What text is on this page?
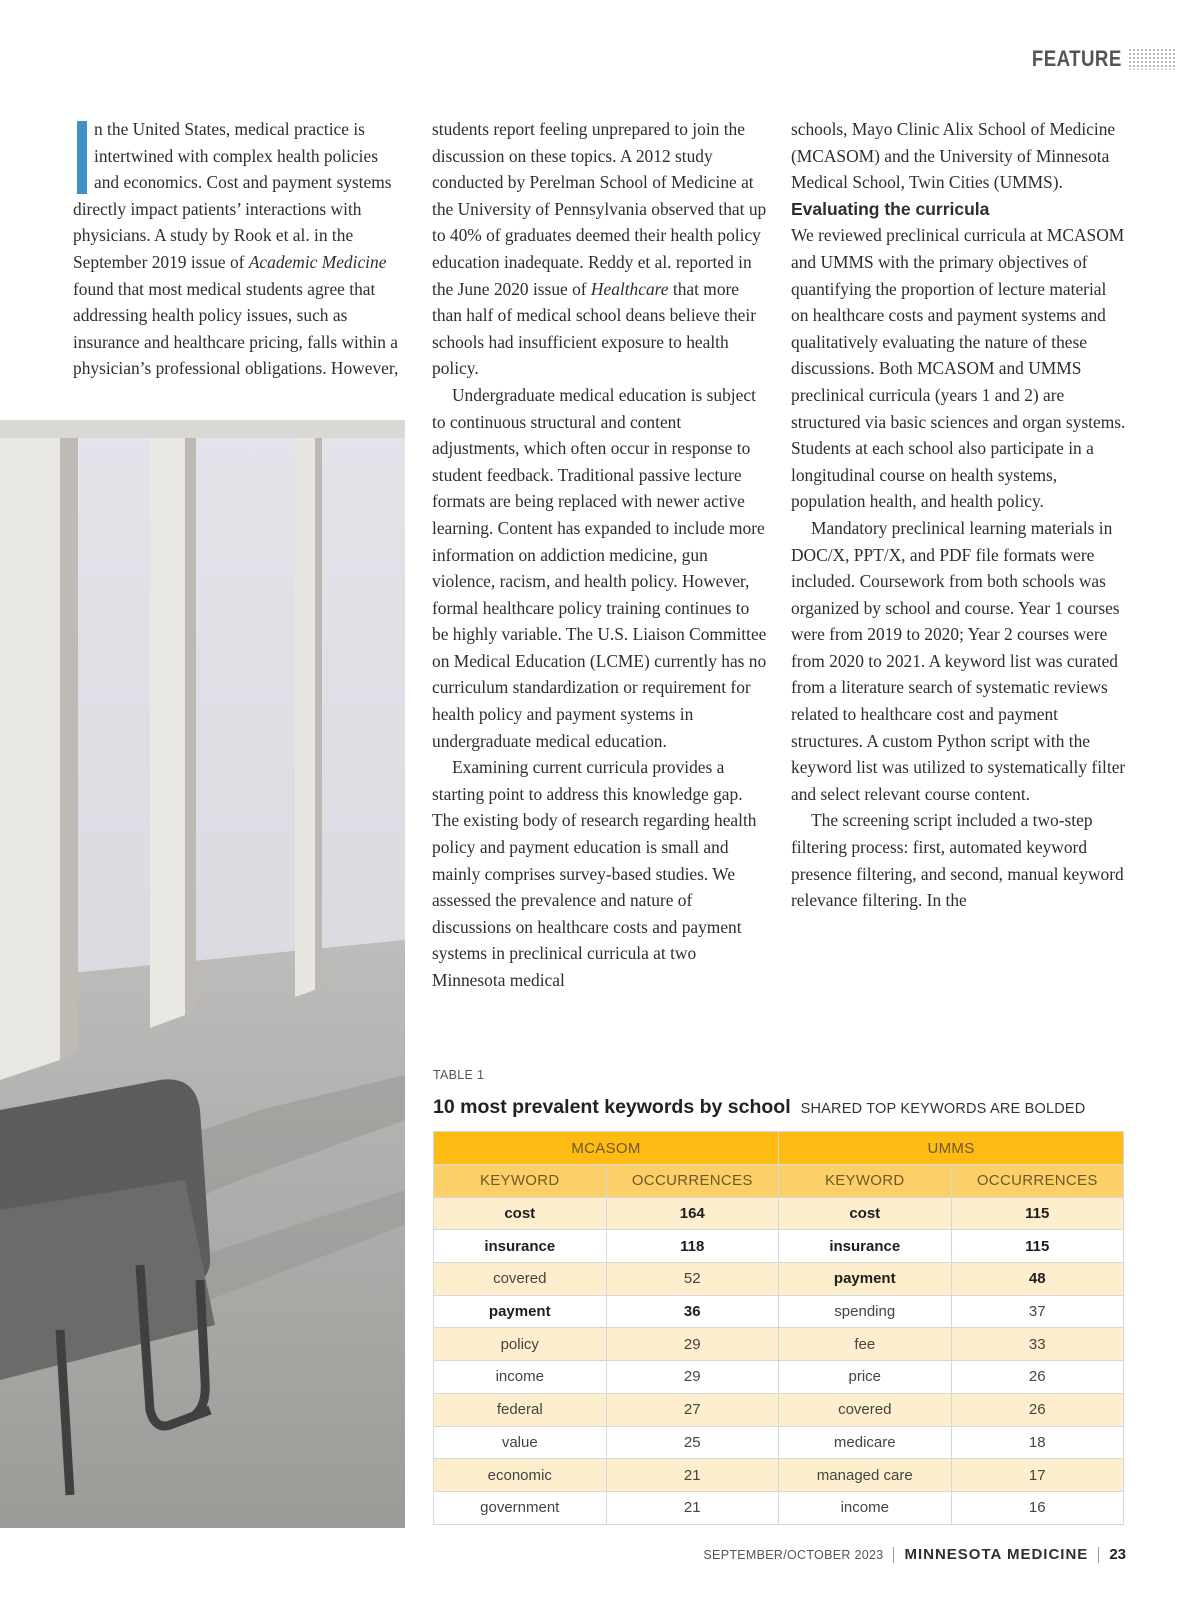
FEATURE

n the United States, medical practice is intertwined with complex health policies and economics. Cost and payment systems directly impact patients’ interactions with physicians. A study by Rook et al. in the September 2019 issue of Academic Medicine found that most medical students agree that addressing health policy issues, such as insurance and healthcare pricing, falls within a physician’s professional obligations. However,

students report feeling unprepared to join the discussion on these topics. A 2012 study conducted by Perelman School of Medicine at the University of Pennsylvania observed that up to 40% of graduates deemed their health policy education inadequate. Reddy et al. reported in the June 2020 issue of Healthcare that more than half of medical school deans believe their schools had insufficient exposure to health policy.

Undergraduate medical education is subject to continuous structural and content adjustments, which often occur in response to student feedback. Traditional passive lecture formats are being replaced with newer active learning. Content has expanded to include more information on addiction medicine, gun violence, racism, and health policy. However, formal healthcare policy training continues to be highly variable. The U.S. Liaison Committee on Medical Education (LCME) currently has no curriculum standardization or requirement for health policy and payment systems in undergraduate medical education.

Examining current curricula provides a starting point to address this knowledge gap. The existing body of research regarding health policy and payment education is small and mainly comprises survey-based studies. We assessed the prevalence and nature of discussions on healthcare costs and payment systems in preclinical curricula at two Minnesota medical

schools, Mayo Clinic Alix School of Medicine (MCASOM) and the University of Minnesota Medical School, Twin Cities (UMMS).

Evaluating the curricula

We reviewed preclinical curricula at MCASOM and UMMS with the primary objectives of quantifying the proportion of lecture material on healthcare costs and payment systems and qualitatively evaluating the nature of these discussions. Both MCASOM and UMMS preclinical curricula (years 1 and 2) are structured via basic sciences and organ systems. Students at each school also participate in a longitudinal course on health systems, population health, and health policy.

Mandatory preclinical learning materials in DOC/X, PPT/X, and PDF file formats were included. Coursework from both schools was organized by school and course. Year 1 courses were from 2019 to 2020; Year 2 courses were from 2020 to 2021. A keyword list was curated from a literature search of systematic reviews related to healthcare cost and payment structures. A custom Python script with the keyword list was utilized to systematically filter and select relevant course content.

The screening script included a two-step filtering process: first, automated keyword presence filtering, and second, manual keyword relevance filtering. In the

TABLE 1
10 most prevalent keywords by school SHARED TOP KEYWORDS ARE BOLDED
MCASOM		UMMS	
KEYWORD	OCCURRENCES	KEYWORD	OCCURRENCES
cost	164	cost	115
insurance	118	insurance	115
covered	52	payment	48
payment	36	spending	37
policy	29	fee	33
income	29	price	26
federal	27	covered	26
value	25	medicare	18
economic	21	managed care	17
government	21	income	16
SEPTEMBER/OCTOBER 2023 MINNESOTA MEDICINE 23
